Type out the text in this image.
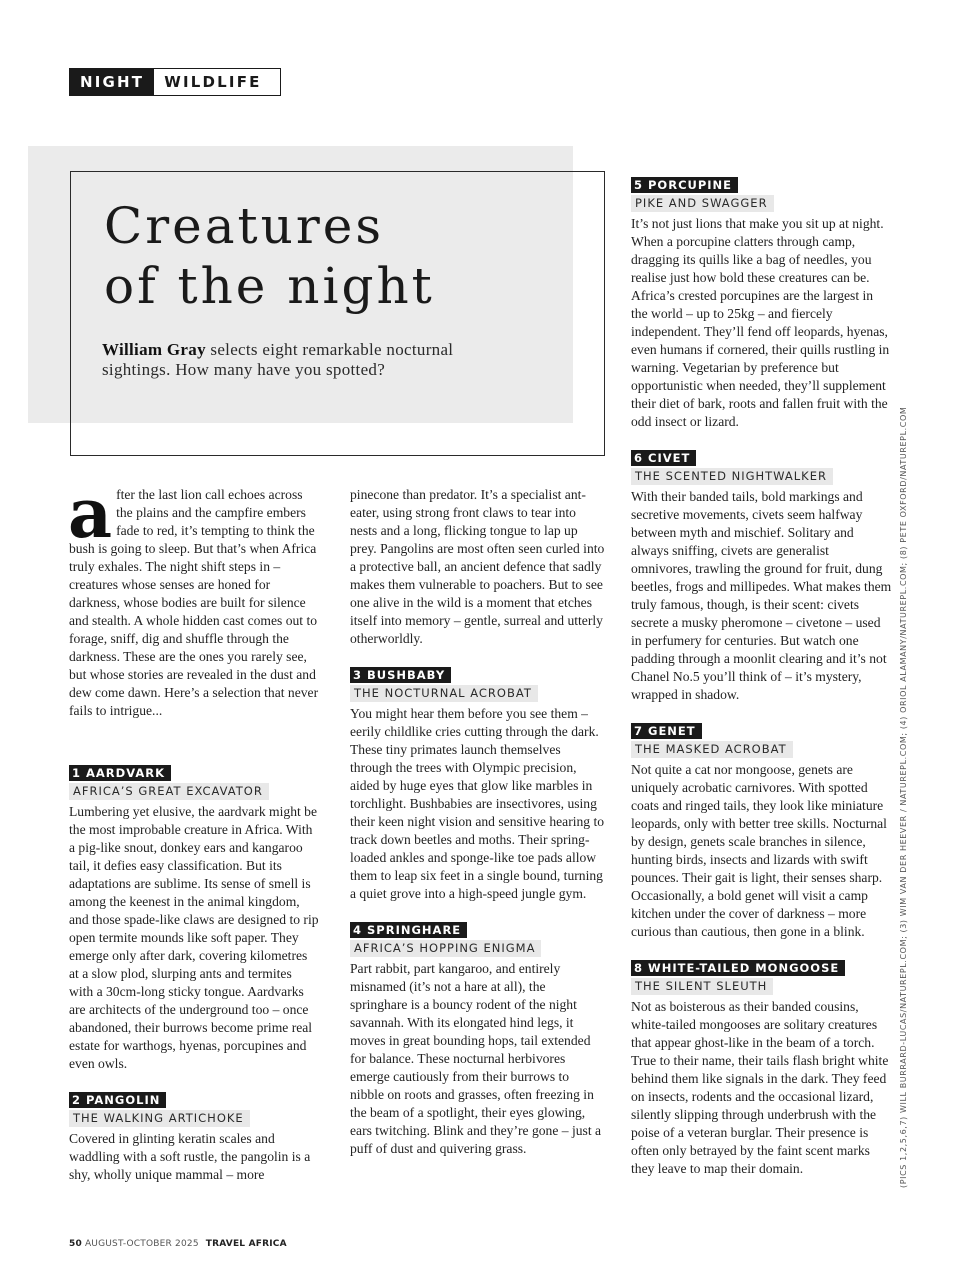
NIGHT	WILDLIFE
Creatures
of the night

William Gray selects eight remarkable nocturnal sightings. How many have you spotted?

after the last lion call echoes across the plains and the campfire embers fade to red, it’s tempting to think the bush is going to sleep. But that’s when Africa truly exhales. The night shift steps in – creatures whose senses are honed for darkness, whose bodies are built for silence and stealth. A whole hidden cast comes out to forage, sniff, dig and shuffle through the darkness. These are the ones you rarely see, but whose stories are revealed in the dust and dew come dawn. Here’s a selection that never fails to intrigue...

1 AARDVARK
AFRICA’S GREAT EXCAVATOR

Lumbering yet elusive, the aardvark might be the most improbable creature in Africa. With a pig-like snout, donkey ears and kangaroo tail, it defies easy classification. But its adaptations are sublime. Its sense of smell is among the keenest in the animal kingdom, and those spade-like claws are designed to rip open termite mounds like soft paper. They emerge only after dark, covering kilometres at a slow plod, slurping ants and termites with a 30cm-long sticky tongue. Aardvarks are architects of the underground too – once abandoned, their burrows become prime real estate for warthogs, hyenas, porcupines and even owls.

2 PANGOLIN
THE WALKING ARTICHOKE

Covered in glinting keratin scales and waddling with a soft rustle, the pangolin is a shy, wholly unique mammal – more

pinecone than predator. It’s a specialist ant-eater, using strong front claws to tear into nests and a long, flicking tongue to lap up prey. Pangolins are most often seen curled into a protective ball, an ancient defence that sadly makes them vulnerable to poachers. But to see one alive in the wild is a moment that etches itself into memory – gentle, surreal and utterly otherworldly.

3 BUSHBABY
THE NOCTURNAL ACROBAT

You might hear them before you see them – eerily childlike cries cutting through the dark. These tiny primates launch themselves through the trees with Olympic precision, aided by huge eyes that glow like marbles in torchlight. Bushbabies are insectivores, using their keen night vision and sensitive hearing to track down beetles and moths. Their spring-loaded ankles and sponge-like toe pads allow them to leap six feet in a single bound, turning a quiet grove into a high-speed jungle gym.

4 SPRINGHARE
AFRICA’S HOPPING ENIGMA

Part rabbit, part kangaroo, and entirely misnamed (it’s not a hare at all), the springhare is a bouncy rodent of the night savannah. With its elongated hind legs, it moves in great bounding hops, tail extended for balance. These nocturnal herbivores emerge cautiously from their burrows to nibble on roots and grasses, often freezing in the beam of a spotlight, their eyes glowing, ears twitching. Blink and they’re gone – just a puff of dust and quivering grass.

5 PORCUPINE
PIKE AND SWAGGER

It’s not just lions that make you sit up at night. When a porcupine clatters through camp, dragging its quills like a bag of needles, you realise just how bold these creatures can be. Africa’s crested porcupines are the largest in the world – up to 25kg – and fiercely independent. They’ll fend off leopards, hyenas, even humans if cornered, their quills rustling in warning. Vegetarian by preference but opportunistic when needed, they’ll supplement their diet of bark, roots and fallen fruit with the odd insect or lizard.

6 CIVET
THE SCENTED NIGHTWALKER

With their banded tails, bold markings and secretive movements, civets seem halfway between myth and mischief. Solitary and always sniffing, civets are generalist omnivores, trawling the ground for fruit, dung beetles, frogs and millipedes. What makes them truly famous, though, is their scent: civets secrete a musky pheromone – civetone – used in perfumery for centuries. But watch one padding through a moonlit clearing and it’s not Chanel No.5 you’ll think of – it’s mystery, wrapped in shadow.

7 GENET
THE MASKED ACROBAT

Not quite a cat nor mongoose, genets are uniquely acrobatic carnivores. With spotted coats and ringed tails, they look like miniature leopards, only with better tree skills. Nocturnal by design, genets scale branches in silence, hunting birds, insects and lizards with swift pounces. Their gait is light, their senses sharp. Occasionally, a bold genet will visit a camp kitchen under the cover of darkness – more curious than cautious, then gone in a blink.

8 WHITE-TAILED MONGOOSE
THE SILENT SLEUTH

Not as boisterous as their banded cousins, white-tailed mongooses are solitary creatures that appear ghost-like in the beam of a torch. True to their name, their tails flash bright white behind them like signals in the dark. They feed on insects, rodents and the occasional lizard, silently slipping through underbrush with the poise of a veteran burglar. Their presence is often only betrayed by the faint scent marks they leave to map their domain.	(PICS 1,2,5,6,7) WILL BURRARD-LUCAS/NATUREPL.COM; (3) WIM VAN DER HEEVER / NATUREPL.COM; (4) ORIOL ALAMANY/NATUREPL.COM; (8) PETE OXFORD/NATUREPL.COM
50 AUGUST-OCTOBER 2025 TRAVEL AFRICA
